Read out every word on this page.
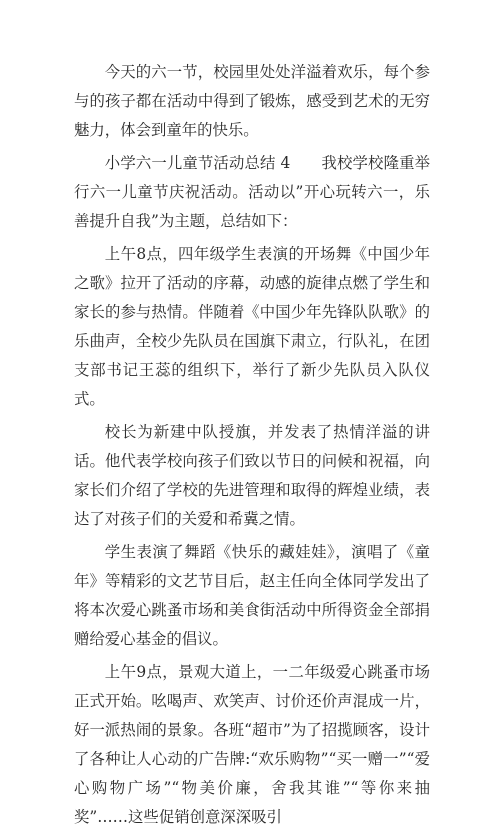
今天的六一节，校园里处处洋溢着欢乐，每个参与的孩子都在活动中得到了锻炼，感受到艺术的无穷魅力，体会到童年的快乐。

小学六一儿童节活动总结 4　　我校学校隆重举行六一儿童节庆祝活动。活动以”开心玩转六一，乐善提升自我”为主题，总结如下：

上午8点，四年级学生表演的开场舞《中国少年之歌》拉开了活动的序幕，动感的旋律点燃了学生和家长的参与热情。伴随着《中国少年先锋队队歌》的乐曲声，全校少先队员在国旗下肃立，行队礼，在团支部书记王蕊的组织下，举行了新少先队员入队仪式。

校长为新建中队授旗，并发表了热情洋溢的讲话。他代表学校向孩子们致以节日的问候和祝福，向家长们介绍了学校的先进管理和取得的辉煌业绩，表达了对孩子们的关爱和希冀之情。

学生表演了舞蹈《快乐的藏娃娃》，演唱了《童年》等精彩的文艺节目后，赵主任向全体同学发出了将本次爱心跳蚤市场和美食街活动中所得资金全部捐赠给爱心基金的倡议。

上午9点，景观大道上，一二年级爱心跳蚤市场正式开始。吆喝声、欢笑声、讨价还价声混成一片，好一派热闹的景象。各班“超市”为了招揽顾客，设计了各种让人心动的广告牌:“欢乐购物”“买一赠一”“爱心购物广场”“物美价廉，舍我其谁”“等你来抽奖”……这些促销创意深深吸引
